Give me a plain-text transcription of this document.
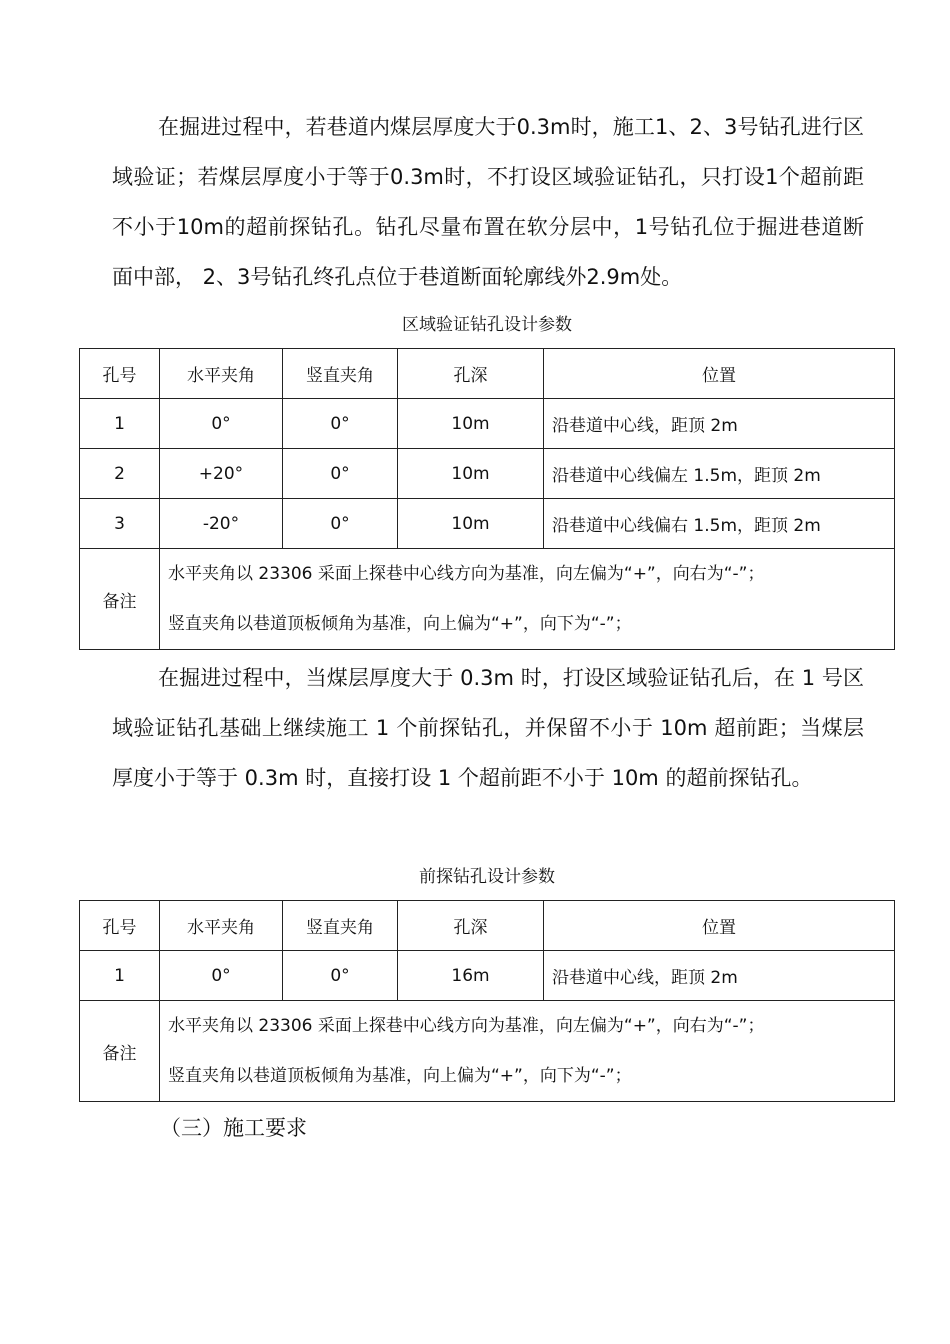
在掘进过程中，若巷道内煤层厚度大于0.3m时，施工1、2、3号钻孔进行区域验证；若煤层厚度小于等于0.3m时，不打设区域验证钻孔，只打设1个超前距不小于10m的超前探钻孔。钻孔尽量布置在软分层中，1号钻孔位于掘进巷道断面中部， 2、3号钻孔终孔点位于巷道断面轮廓线外2.9m处。

区域验证钻孔设计参数

孔号	水平夹角	竖直夹角	孔深	位置
1	0°	0°	10m	沿巷道中心线，距顶 2m
2	+20°	0°	10m	沿巷道中心线偏左 1.5m，距顶 2m
3	-20°	0°	10m	沿巷道中心线偏右 1.5m，距顶 2m
备注	水平夹角以 23306 采面上探巷中心线方向为基准，向左偏为“+”，向右为“-”；
竖直夹角以巷道顶板倾角为基准，向上偏为“+”，向下为“-”；			

在掘进过程中，当煤层厚度大于 0.3m 时，打设区域验证钻孔后，在 1 号区域验证钻孔基础上继续施工 1 个前探钻孔，并保留不小于 10m 超前距；当煤层厚度小于等于 0.3m 时，直接打设 1 个超前距不小于 10m 的超前探钻孔。

前探钻孔设计参数

孔号	水平夹角	竖直夹角	孔深	位置
1	0°	0°	16m	沿巷道中心线，距顶 2m
备注	水平夹角以 23306 采面上探巷中心线方向为基准，向左偏为“+”，向右为“-”；
竖直夹角以巷道顶板倾角为基准，向上偏为“+”，向下为“-”；			

（三）施工要求
